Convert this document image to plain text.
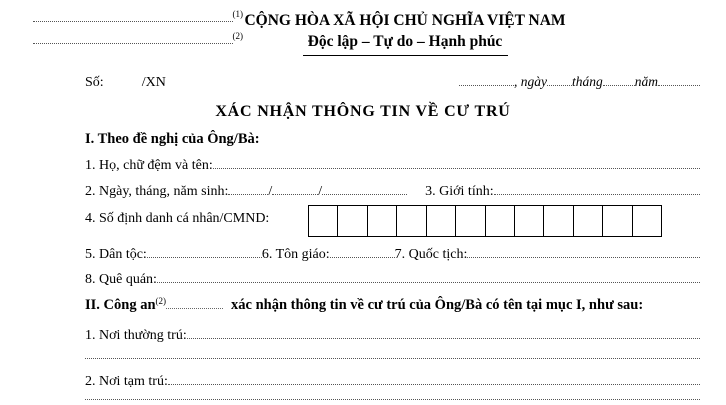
(1)
(2)
CỘNG HÒA XÃ HỘI CHỦ NGHĨA VIỆT NAM
Độc lập – Tự do – Hạnh phúc
Số:	/XN	, ngày tháng năm
XÁC NHẬN THÔNG TIN VỀ CƯ TRÚ
I. Theo đề nghị của Ông/Bà:
1. Họ, chữ đệm và tên:
2. Ngày, tháng, năm sinh:	/	/	3. Giới tính:
4. Số định danh cá nhân/CMND:
5. Dân tộc:	6. Tôn giáo:	7. Quốc tịch:
8. Quê quán:
II. Công an (2)	xác nhận thông tin về cư trú của Ông/Bà có tên tại mục I, như sau:
1. Nơi thường trú:
2. Nơi tạm trú:
